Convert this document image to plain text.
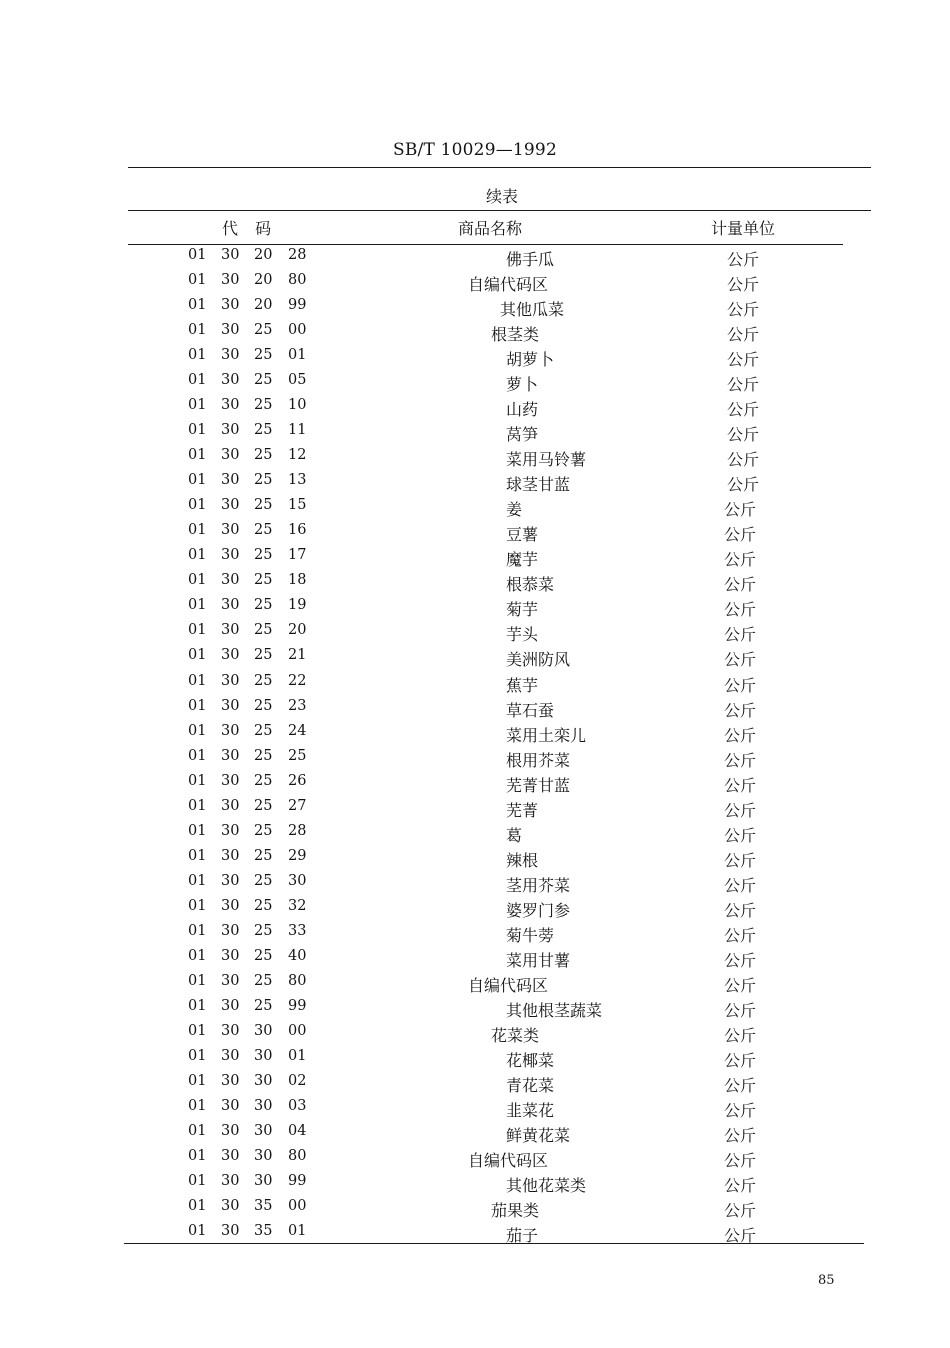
SB/T 10029—1992
续表
代 码	商品名称	计量单位
01 30 20 28	佛手瓜	公斤
01 30 20 80	自编代码区	公斤
01 30 20 99	其他瓜菜	公斤
01 30 25 00	根茎类	公斤
01 30 25 01	胡萝卜	公斤
01 30 25 05	萝卜	公斤
01 30 25 10	山药	公斤
01 30 25 11	莴笋	公斤
01 30 25 12	菜用马铃薯	公斤
01 30 25 13	球茎甘蓝	公斤
01 30 25 15	姜	公斤
01 30 25 16	豆薯	公斤
01 30 25 17	魔芋	公斤
01 30 25 18	根菾菜	公斤
01 30 25 19	菊芋	公斤
01 30 25 20	芋头	公斤
01 30 25 21	美洲防风	公斤
01 30 25 22	蕉芋	公斤
01 30 25 23	草石蚕	公斤
01 30 25 24	菜用土栾儿	公斤
01 30 25 25	根用芥菜	公斤
01 30 25 26	芜菁甘蓝	公斤
01 30 25 27	芜菁	公斤
01 30 25 28	葛	公斤
01 30 25 29	辣根	公斤
01 30 25 30	茎用芥菜	公斤
01 30 25 32	婆罗门参	公斤
01 30 25 33	菊牛蒡	公斤
01 30 25 40	菜用甘薯	公斤
01 30 25 80	自编代码区	公斤
01 30 25 99	其他根茎蔬菜	公斤
01 30 30 00	花菜类	公斤
01 30 30 01	花椰菜	公斤
01 30 30 02	青花菜	公斤
01 30 30 03	韭菜花	公斤
01 30 30 04	鲜黄花菜	公斤
01 30 30 80	自编代码区	公斤
01 30 30 99	其他花菜类	公斤
01 30 35 00	茄果类	公斤
01 30 35 01	茄子	公斤
85
